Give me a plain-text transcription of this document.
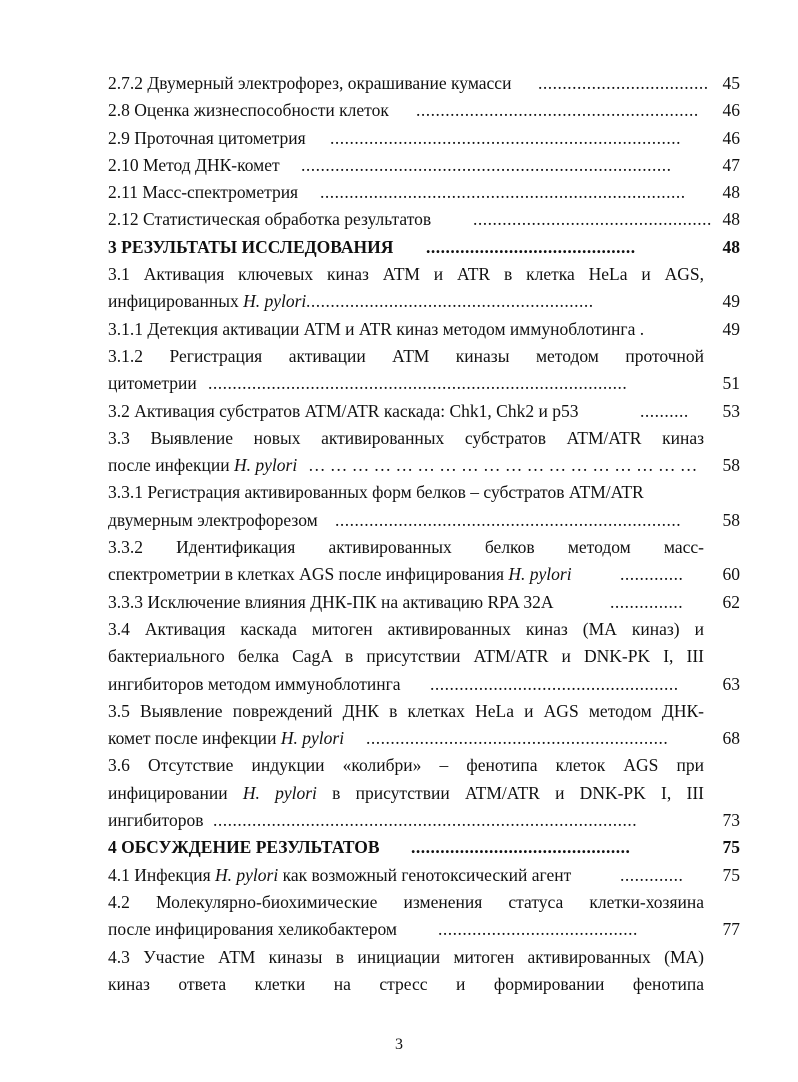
2.7.2 Двумерный электрофорез, окрашивание кумасси ................................... 45
2.8 Оценка жизнеспособности клеток .......................................................... 46
2.9 Проточная цитометрия ........................................................................	46
2.10 Метод ДНК-комет ............................................................................	47
2.11 Масс-спектрометрия ...........................................................................	48
2.12 Статистическая обработка результатов ................................................. 48
3 РЕЗУЛЬТАТЫ ИССЛЕДОВАНИЯ ...........................................	48
3.1 Активация ключевых киназ АТМ и ATR в клетка HeLa и AGS,
инфицированных H. pylori ...........................................................	49
3.1.1 Детекция активации АТМ и ATR киназ методом иммуноблотинга .	49
3.1.2 Регистрация активации АТМ киназы методом проточной
цитометрии ......................................................................................	51
3.2 Активация субстратов ATM/ATR каскада: Chk1, Chk2 и p53	..........	53
3.3 Выявление новых активированных субстратов ATM/ATR киназ
после инфекции H. pylori … … … … … … … … … … … … … … … … … … 58
3.3.1 Регистрация активированных форм белков – субстратов ATM/ATR
двумерным электрофорезом .......................................................................	58
3.3.2 Идентификация активированных белков методом масс-
спектрометрии в клетках AGS после инфицирования H. pylori	.............	60
3.3.3 Исключение влияния ДНК-ПК на активацию RPA 32A	...............	62
3.4 Активация каскада митоген активированных киназ (МА киназ) и
бактериального белка CagA в присутствии ATM/ATR и DNK-PK I, III
ингибиторов методом иммуноблотинга ...................................................	63
3.5 Выявление повреждений ДНК в клетках HeLa и AGS методом ДНК-
комет после инфекции H. pylori ..............................................................	68
3.6 Отсутствие индукции «колибри» – фенотипа клеток AGS при
инфицировании H. pylori в присутствии ATM/ATR и DNK-PK I, III
ингибиторов .......................................................................................	73
4 ОБСУЖДЕНИЕ РЕЗУЛЬТАТОВ .............................................	75
4.1 Инфекция H. pylori как возможный генотоксический агент	.............	75
4.2 Молекулярно-биохимические изменения статуса клетки-хозяина
после инфицирования хеликобактером .........................................	77
4.3 Участие АТМ киназы в инициации митоген активированных (МА)
киназ ответа клетки на стресс и формировании фенотипа
3
